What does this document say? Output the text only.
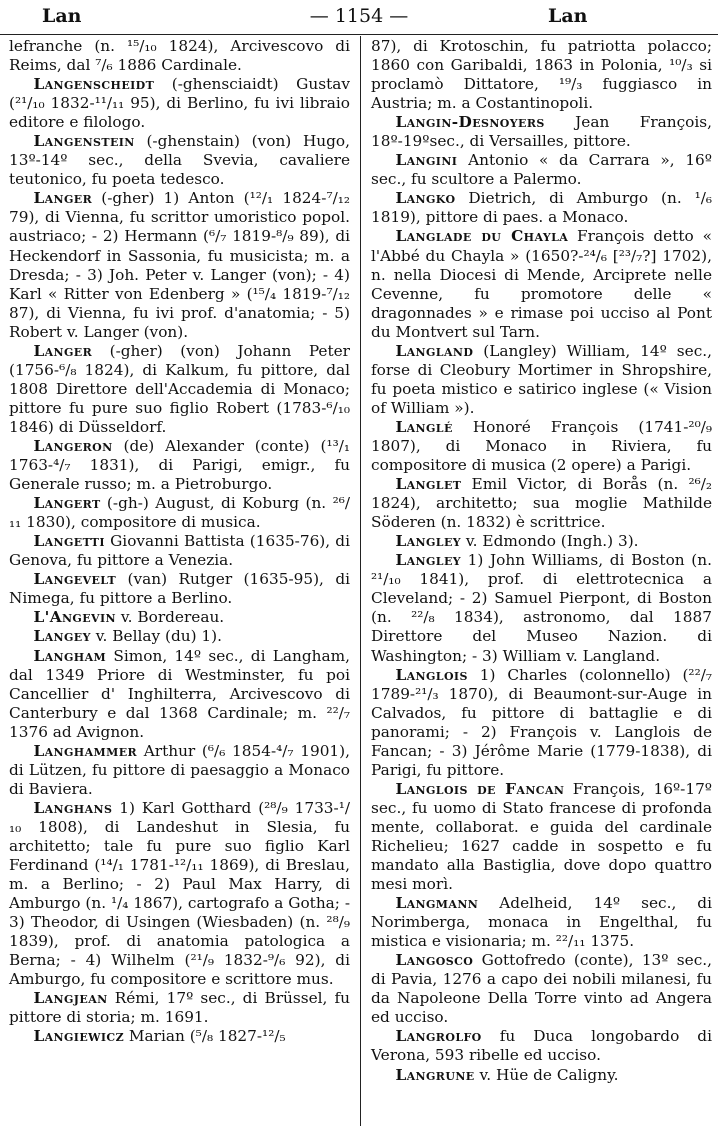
Lan	— 1154 —	Lan

lefranche (n. ¹⁵/₁₀ 1824), Arcivescovo di Reims, dal ⁷/₆ 1886 Cardinale.

Langenscheidt (-ghensciaidt) Gustav (²¹/₁₀ 1832-¹¹/₁₁ 95), di Berlino, fu ivi libraio editore e filologo.

Langenstein (-ghenstain) (von) Hugo, 13º-14º sec., della Svevia, cavaliere teutonico, fu poeta tedesco.

Langer (-gher) 1) Anton (¹²/₁ 1824-⁷/₁₂ 79), di Vienna, fu scrittor umoristico popol. austriaco; - 2) Hermann (⁶/₇ 1819-⁸/₉ 89), di Heckendorf in Sassonia, fu musicista; m. a Dresda; - 3) Joh. Peter v. Langer (von); - 4) Karl « Ritter von Edenberg » (¹⁵/₄ 1819-⁷/₁₂ 87), di Vienna, fu ivi prof. d'anatomia; - 5) Robert v. Langer (von).

Langer (-gher) (von) Johann Peter (1756-⁶/₈ 1824), di Kalkum, fu pittore, dal 1808 Direttore dell'Accademia di Monaco; pittore fu pure suo figlio Robert (1783-⁶/₁₀ 1846) di Düsseldorf.

Langeron (de) Alexander (conte) (¹³/₁ 1763-⁴/₇ 1831), di Parigi, emigr., fu Generale russo; m. a Pietroburgo.

Langert (-gh-) August, di Koburg (n. ²⁶/₁₁ 1830), compositore di musica.

Langetti Giovanni Battista (1635-76), di Genova, fu pittore a Venezia.

Langevelt (van) Rutger (1635-95), di Nimega, fu pittore a Berlino.

L'Angevin v. Bordereau.

Langey v. Bellay (du) 1).

Langham Simon, 14º sec., di Langham, dal 1349 Priore di Westminster, fu poi Cancellier d' Inghilterra, Arcivescovo di Canterbury e dal 1368 Cardinale; m. ²²/₇ 1376 ad Avignon.

Langhammer Arthur (⁶/₆ 1854-⁴/₇ 1901), di Lützen, fu pittore di paesaggio a Monaco di Baviera.

Langhans 1) Karl Gotthard (²⁸/₉ 1733-¹/₁₀ 1808), di Landeshut in Slesia, fu architetto; tale fu pure suo figlio Karl Ferdinand (¹⁴/₁ 1781-¹²/₁₁ 1869), di Breslau, m. a Berlino; - 2) Paul Max Harry, di Amburgo (n. ¹/₄ 1867), cartografo a Gotha; - 3) Theodor, di Usingen (Wiesbaden) (n. ²⁸/₉ 1839), prof. di anatomia patologica a Berna; - 4) Wilhelm (²¹/₉ 1832-⁹/₆ 92), di Amburgo, fu compositore e scrittore mus.

Langjean Rémi, 17º sec., di Brüssel, fu pittore di storia; m. 1691.

Langiewicz Marian (⁵/₈ 1827-¹²/₅

87), di Krotoschin, fu patriotta polacco; 1860 con Garibaldi, 1863 in Polonia, ¹⁰/₃ si proclamò Dittatore, ¹⁹/₃ fuggiasco in Austria; m. a Costantinopoli.

Langin-Desnoyers Jean François, 18º-19ºsec., di Versailles, pittore.

Langini Antonio « da Carrara », 16º sec., fu scultore a Palermo.

Langko Dietrich, di Amburgo (n. ¹/₆ 1819), pittore di paes. a Monaco.

Langlade du Chayla François detto « l'Abbé du Chayla » (1650?-²⁴/₆ [²³/₇?] 1702), n. nella Diocesi di Mende, Arciprete nelle Cevenne, fu promotore delle « dragonnades » e rimase poi ucciso al Pont du Montvert sul Tarn.

Langland (Langley) William, 14º sec., forse di Cleobury Mortimer in Shropshire, fu poeta mistico e satirico inglese (« Vision of William »).

Langlé Honoré François (1741-²⁰/₉ 1807), di Monaco in Riviera, fu compositore di musica (2 opere) a Parigi.

Langlet Emil Victor, di Borås (n. ²⁶/₂ 1824), architetto; sua moglie Mathilde Söderen (n. 1832) è scrittrice.

Langley v. Edmondo (Ingh.) 3).

Langley 1) John Williams, di Boston (n. ²¹/₁₀ 1841), prof. di elettrotecnica a Cleveland; - 2) Samuel Pierpont, di Boston (n. ²²/₈ 1834), astronomo, dal 1887 Direttore del Museo Nazion. di Washington; - 3) William v. Langland.

Langlois 1) Charles (colonnello) (²²/₇ 1789-²¹/₃ 1870), di Beaumont-sur-Auge in Calvados, fu pittore di battaglie e di panorami; - 2) François v. Langlois de Fancan; - 3) Jérôme Marie (1779-1838), di Parigi, fu pittore.

Langlois de Fancan François, 16º-17º sec., fu uomo di Stato francese di profonda mente, collaborat. e guida del cardinale Richelieu; 1627 cadde in sospetto e fu mandato alla Bastiglia, dove dopo quattro mesi morì.

Langmann Adelheid, 14º sec., di Norimberga, monaca in Engelthal, fu mistica e visionaria; m. ²²/₁₁ 1375.

Langosco Gottofredo (conte), 13º sec., di Pavia, 1276 a capo dei nobili milanesi, fu da Napoleone Della Torre vinto ad Angera ed ucciso.

Langrolfo fu Duca longobardo di Verona, 593 ribelle ed ucciso.

Langrune v. Hüe de Caligny.
